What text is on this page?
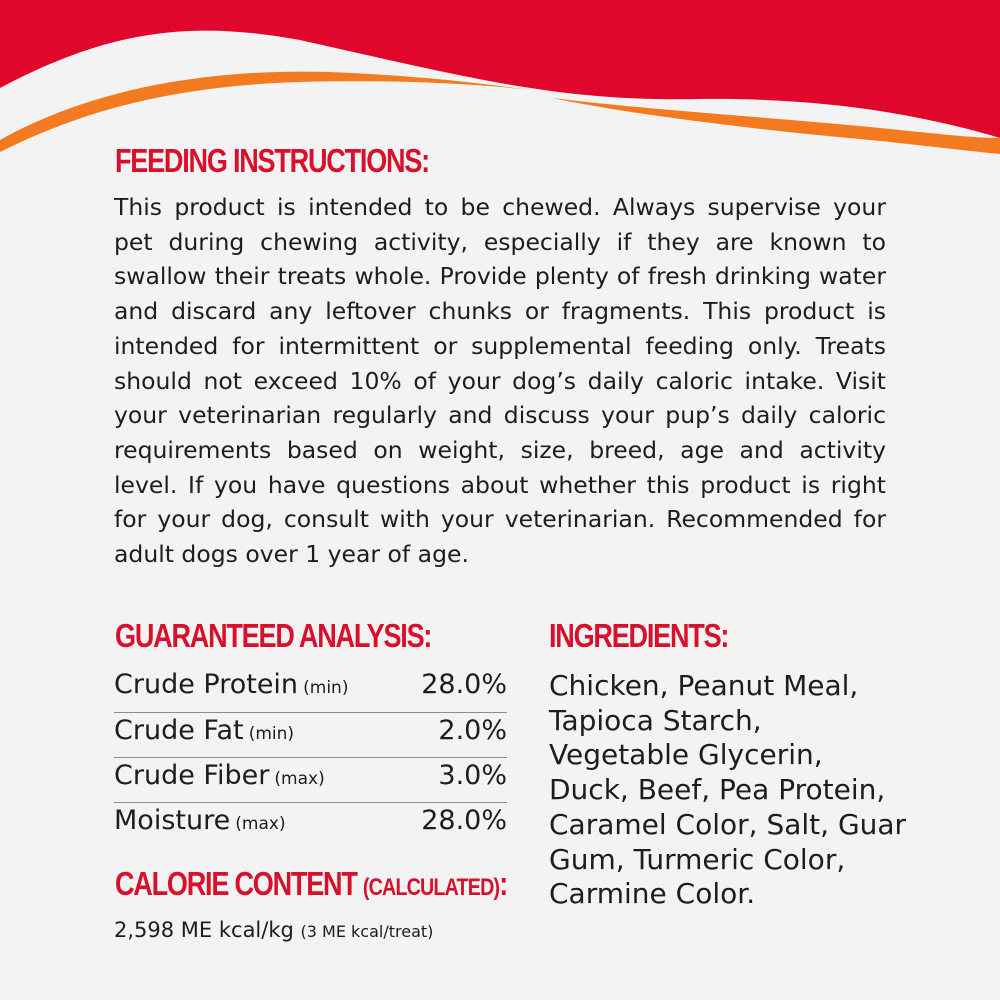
FEEDING INSTRUCTIONS:

This product is intended to be chewed. Always supervise your pet during chewing activity, especially if they are known to swallow their treats whole. Provide plenty of fresh drinking water and discard any leftover chunks or fragments. This product is intended for intermittent or supplemental feeding only. Treats should not exceed 10% of your dog’s daily caloric intake. Visit your veterinarian regularly and discuss your pup’s daily caloric requirements based on weight, size, breed, age and activity level. If you have questions about whether this product is right for your dog, consult with your veterinarian. Recommended for adult dogs over 1 year of age.

GUARANTEED ANALYSIS:
Crude Protein (min)	28.0%
Crude Fat (min)	2.0%
Crude Fiber (max)	3.0%
Moisture (max)	28.0%
CALORIE CONTENT (CALCULATED):
2,598 ME kcal/kg (3 ME kcal/treat)
INGREDIENTS:

Chicken, Peanut Meal, Tapioca Starch, Vegetable Glycerin, Duck, Beef, Pea Protein, Caramel Color, Salt, Guar Gum, Turmeric Color, Carmine Color.
